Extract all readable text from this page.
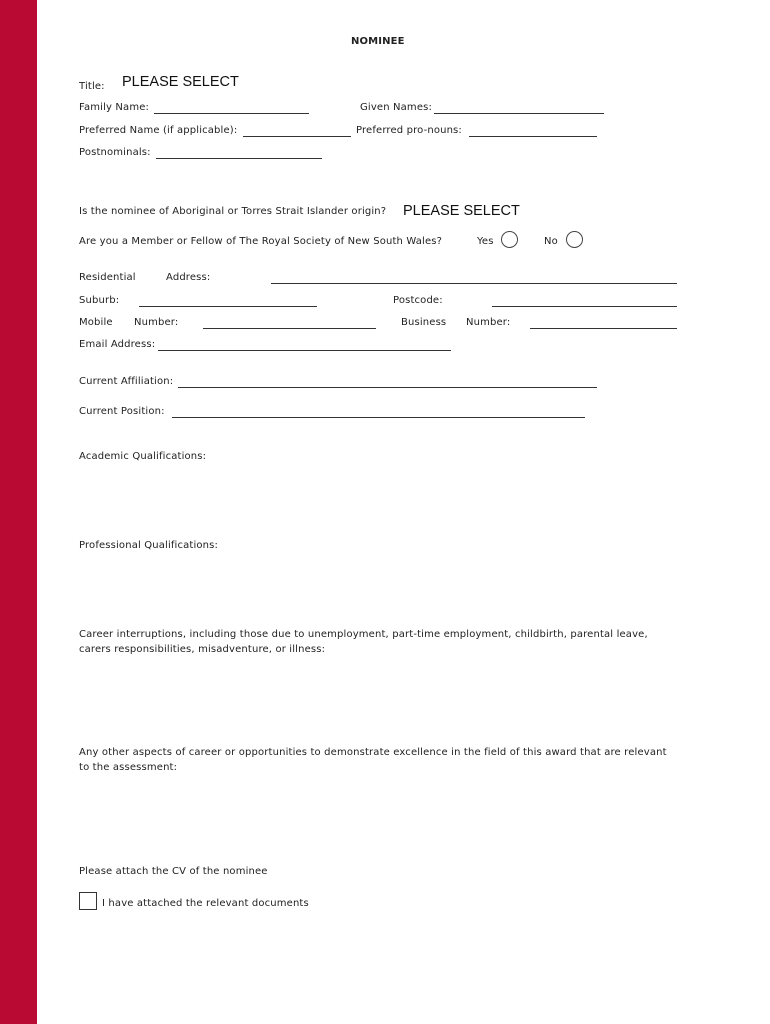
NOMINEE
Title: PLEASE SELECT
Family Name:	Given Names:
Preferred Name (if applicable):	Preferred pro-nouns:
Postnominals:
Is the nominee of Aboriginal or Torres Strait Islander origin? PLEASE SELECT
Are you a Member or Fellow of The Royal Society of New South Wales?	Yes	No
Residential	Address:
Suburb:	Postcode:
Mobile Number:	Business Number:
Email Address:
Current Affiliation:
Current Position:
Academic Qualifications:
Professional Qualifications:
Career interruptions, including those due to unemployment, part-time employment, childbirth, parental leave,
carers responsibilities, misadventure, or illness:
Any other aspects of career or opportunities to demonstrate excellence in the field of this award that are relevant
to the assessment:
Please attach the CV of the nominee
I have attached the relevant documents
